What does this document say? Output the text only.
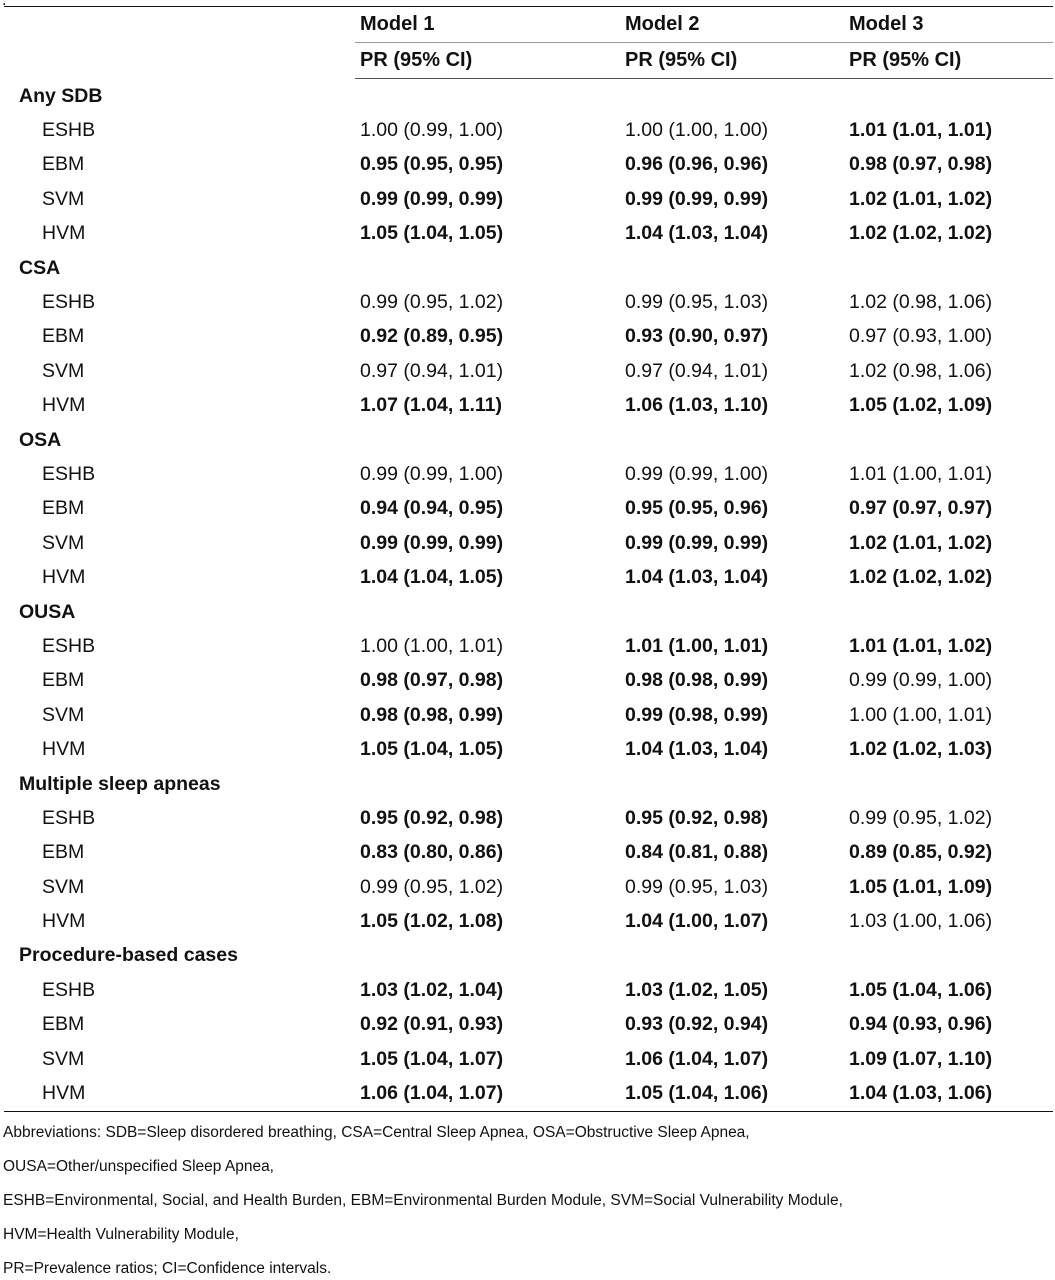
.
	Model 1	Model 2	Model 3
	PR (95% CI)	PR (95% CI)	PR (95% CI)
Any SDB			
ESHB	1.00 (0.99, 1.00)	1.00 (1.00, 1.00)	1.01 (1.01, 1.01)
EBM	0.95 (0.95, 0.95)	0.96 (0.96, 0.96)	0.98 (0.97, 0.98)
SVM	0.99 (0.99, 0.99)	0.99 (0.99, 0.99)	1.02 (1.01, 1.02)
HVM	1.05 (1.04, 1.05)	1.04 (1.03, 1.04)	1.02 (1.02, 1.02)
CSA			
ESHB	0.99 (0.95, 1.02)	0.99 (0.95, 1.03)	1.02 (0.98, 1.06)
EBM	0.92 (0.89, 0.95)	0.93 (0.90, 0.97)	0.97 (0.93, 1.00)
SVM	0.97 (0.94, 1.01)	0.97 (0.94, 1.01)	1.02 (0.98, 1.06)
HVM	1.07 (1.04, 1.11)	1.06 (1.03, 1.10)	1.05 (1.02, 1.09)
OSA			
ESHB	0.99 (0.99, 1.00)	0.99 (0.99, 1.00)	1.01 (1.00, 1.01)
EBM	0.94 (0.94, 0.95)	0.95 (0.95, 0.96)	0.97 (0.97, 0.97)
SVM	0.99 (0.99, 0.99)	0.99 (0.99, 0.99)	1.02 (1.01, 1.02)
HVM	1.04 (1.04, 1.05)	1.04 (1.03, 1.04)	1.02 (1.02, 1.02)
OUSA			
ESHB	1.00 (1.00, 1.01)	1.01 (1.00, 1.01)	1.01 (1.01, 1.02)
EBM	0.98 (0.97, 0.98)	0.98 (0.98, 0.99)	0.99 (0.99, 1.00)
SVM	0.98 (0.98, 0.99)	0.99 (0.98, 0.99)	1.00 (1.00, 1.01)
HVM	1.05 (1.04, 1.05)	1.04 (1.03, 1.04)	1.02 (1.02, 1.03)
Multiple sleep apneas			
ESHB	0.95 (0.92, 0.98)	0.95 (0.92, 0.98)	0.99 (0.95, 1.02)
EBM	0.83 (0.80, 0.86)	0.84 (0.81, 0.88)	0.89 (0.85, 0.92)
SVM	0.99 (0.95, 1.02)	0.99 (0.95, 1.03)	1.05 (1.01, 1.09)
HVM	1.05 (1.02, 1.08)	1.04 (1.00, 1.07)	1.03 (1.00, 1.06)
Procedure-based cases			
ESHB	1.03 (1.02, 1.04)	1.03 (1.02, 1.05)	1.05 (1.04, 1.06)
EBM	0.92 (0.91, 0.93)	0.93 (0.92, 0.94)	0.94 (0.93, 0.96)
SVM	1.05 (1.04, 1.07)	1.06 (1.04, 1.07)	1.09 (1.07, 1.10)
HVM	1.06 (1.04, 1.07)	1.05 (1.04, 1.06)	1.04 (1.03, 1.06)
Abbreviations: SDB=Sleep disordered breathing, CSA=Central Sleep Apnea, OSA=Obstructive Sleep Apnea,
OUSA=Other/unspecified Sleep Apnea,
ESHB=Environmental, Social, and Health Burden, EBM=Environmental Burden Module, SVM=Social Vulnerability Module,
HVM=Health Vulnerability Module,
PR=Prevalence ratios; CI=Confidence intervals.
